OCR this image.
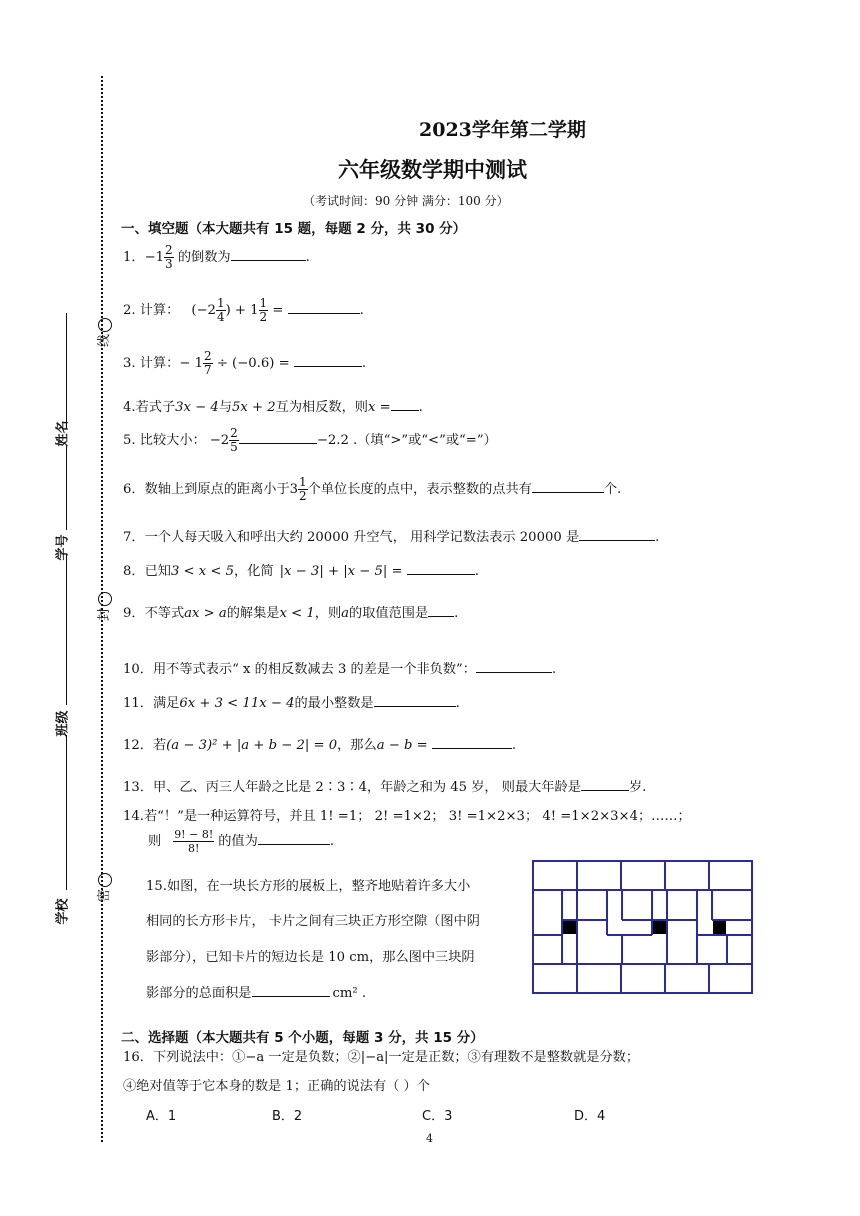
姓名
学号
班级
学校
线
封
密
2023学年第二学期
六年级数学期中测试
（考试时间：90 分钟 满分：100 分）
一、填空题（本大题共有 15 题，每题 2 分，共 30 分）
1．$-1 \frac{2}{3}$ 的倒数为	.
2. 计算： ($-2 \frac{1}{4}$ ) + $1 \frac{1}{2}$ =	.
3. 计算：− $1 \frac{2}{7} \div (-0.6)$ =	.
4.若式子3x − 4与5x + 2互为相反数，则x = .
5. 比较大小： $-2 \frac{2}{5}$	−2.2 .（填“>”或“<”或“=”）
6．数轴上到原点的距离小于$3 \frac{1}{2}$ 个单位长度的点中，表示整数的点共有	个.
7．一个人每天吸入和呼出大约 20000 升空气， 用科学记数法表示 20000 是	.
8．已知3 < x < 5，化简 |x − 3| + |x − 5| =	.
9．不等式ax > a的解集是x < 1，则a的取值范围是 .
10．用不等式表示“ x 的相反数减去 3 的差是一个非负数”：	.
11．满足6x + 3 < 11x − 4的最小整数是	.
12．若(a − 3)² + |a + b − 2| = 0，那么a − b =	.
13．甲、乙、丙三人年龄之比是 2∶3∶4，年龄之和为 45 岁， 则最大年龄是	岁.
14.若“！”是一种运算符号，并且 1! =1； 2! =1×2； 3! =1×2×3； 4! =1×2×3×4；……；
则 $\frac{9! - 8!}{8!}$ 的值为	.
15.如图，在一块长方形的展板上，整齐地贴着许多大小
相同的长方形卡片， 卡片之间有三块正方形空隙（图中阴
影部分），已知卡片的短边长是 10 cm，那么图中三块阴
影部分的总面积是	cm² .
二、选择题（本大题共有 5 个小题，每题 3 分，共 15 分）
16．下列说法中：①−a 一定是负数；②|−a|一定是正数；③有理数不是整数就是分数；
④绝对值等于它本身的数是 1；正确的说法有（ ）个
A．1	B．2	C．3	D．4
4
